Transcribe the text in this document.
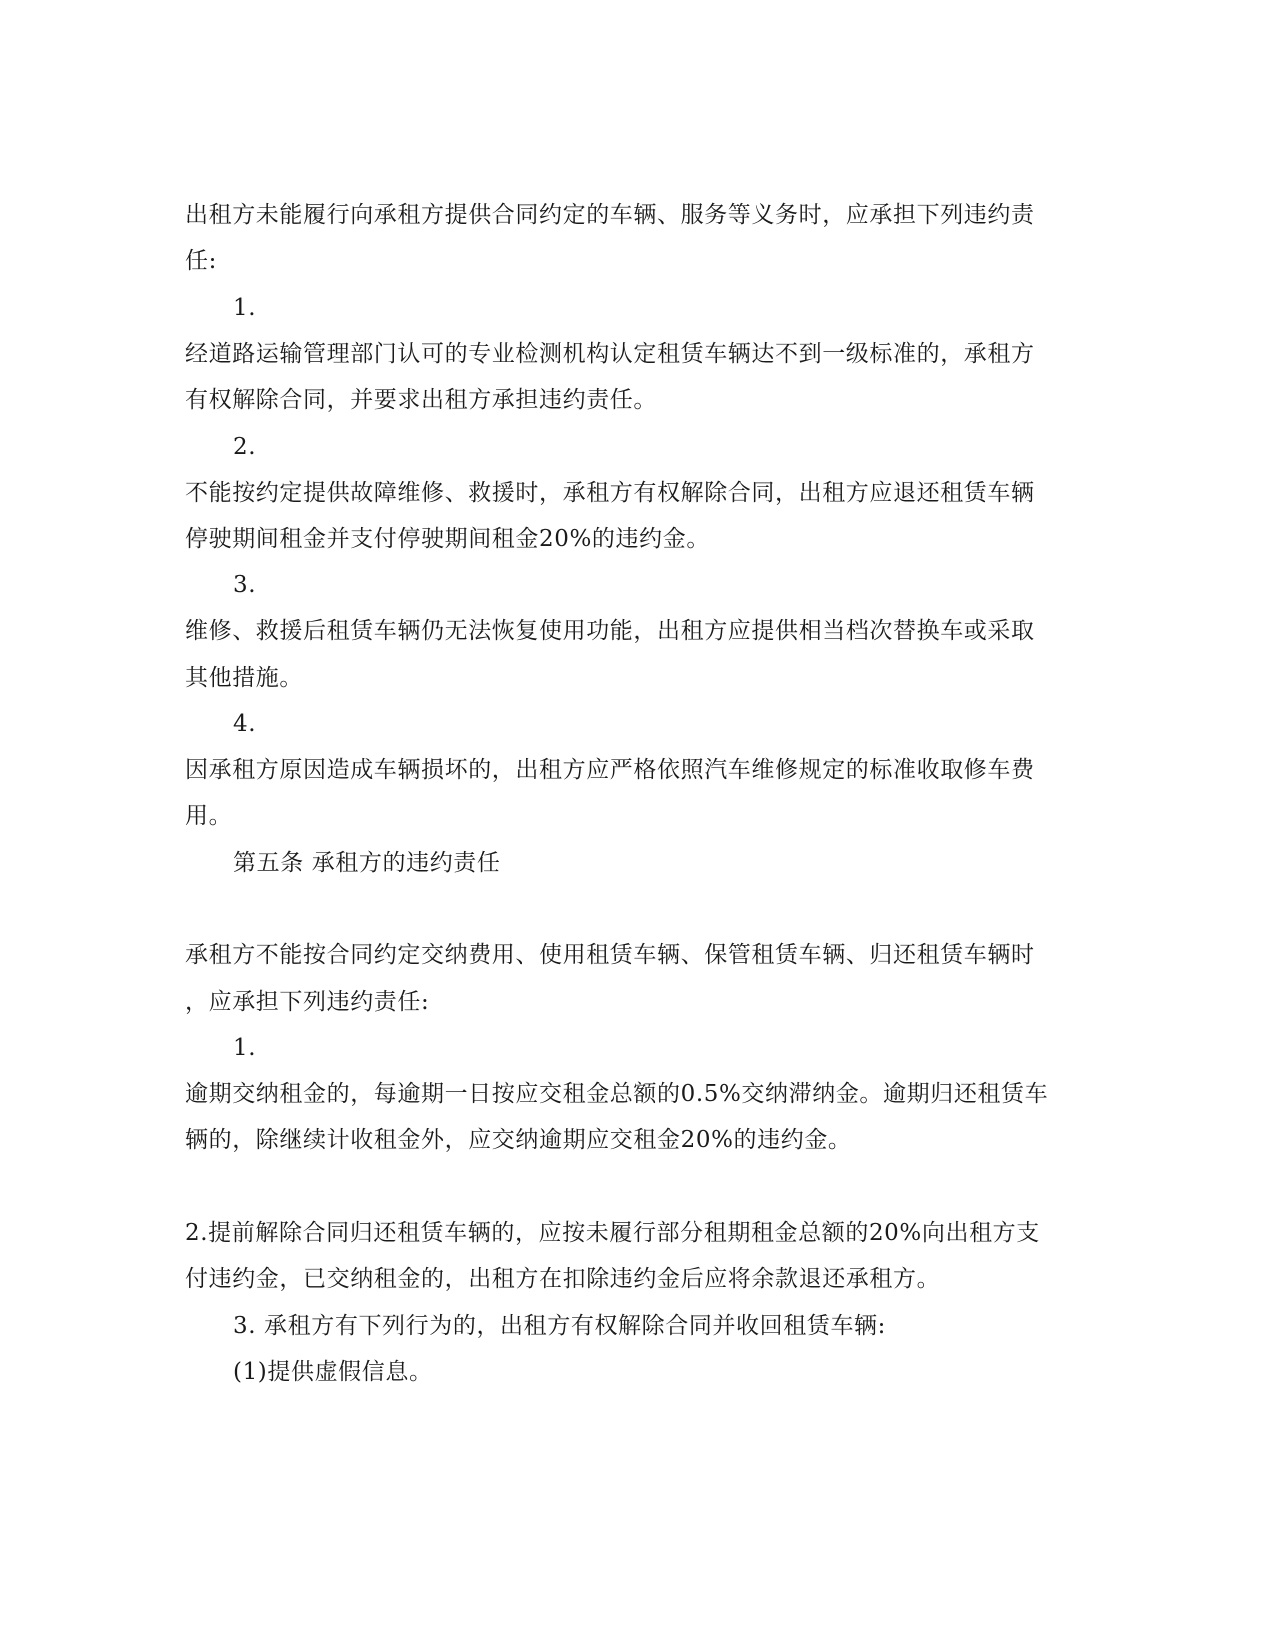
出租方未能履行向承租方提供合同约定的车辆、服务等义务时，应承担下列违约责
任:
1.
经道路运输管理部门认可的专业检测机构认定租赁车辆达不到一级标准的，承租方
有权解除合同，并要求出租方承担违约责任。
2.
不能按约定提供故障维修、救援时，承租方有权解除合同，出租方应退还租赁车辆
停驶期间租金并支付停驶期间租金20%的违约金。
3.
维修、救援后租赁车辆仍无法恢复使用功能，出租方应提供相当档次替换车或采取
其他措施。
4.
因承租方原因造成车辆损坏的，出租方应严格依照汽车维修规定的标准收取修车费
用。
第五条 承租方的违约责任
承租方不能按合同约定交纳费用、使用租赁车辆、保管租赁车辆、归还租赁车辆时
，应承担下列违约责任:
1.
逾期交纳租金的，每逾期一日按应交租金总额的0.5%交纳滞纳金。逾期归还租赁车
辆的，除继续计收租金外，应交纳逾期应交租金20%的违约金。
2.提前解除合同归还租赁车辆的，应按未履行部分租期租金总额的20%向出租方支
付违约金，已交纳租金的，出租方在扣除违约金后应将余款退还承租方。
3. 承租方有下列行为的，出租方有权解除合同并收回租赁车辆:
(1)提供虚假信息。
